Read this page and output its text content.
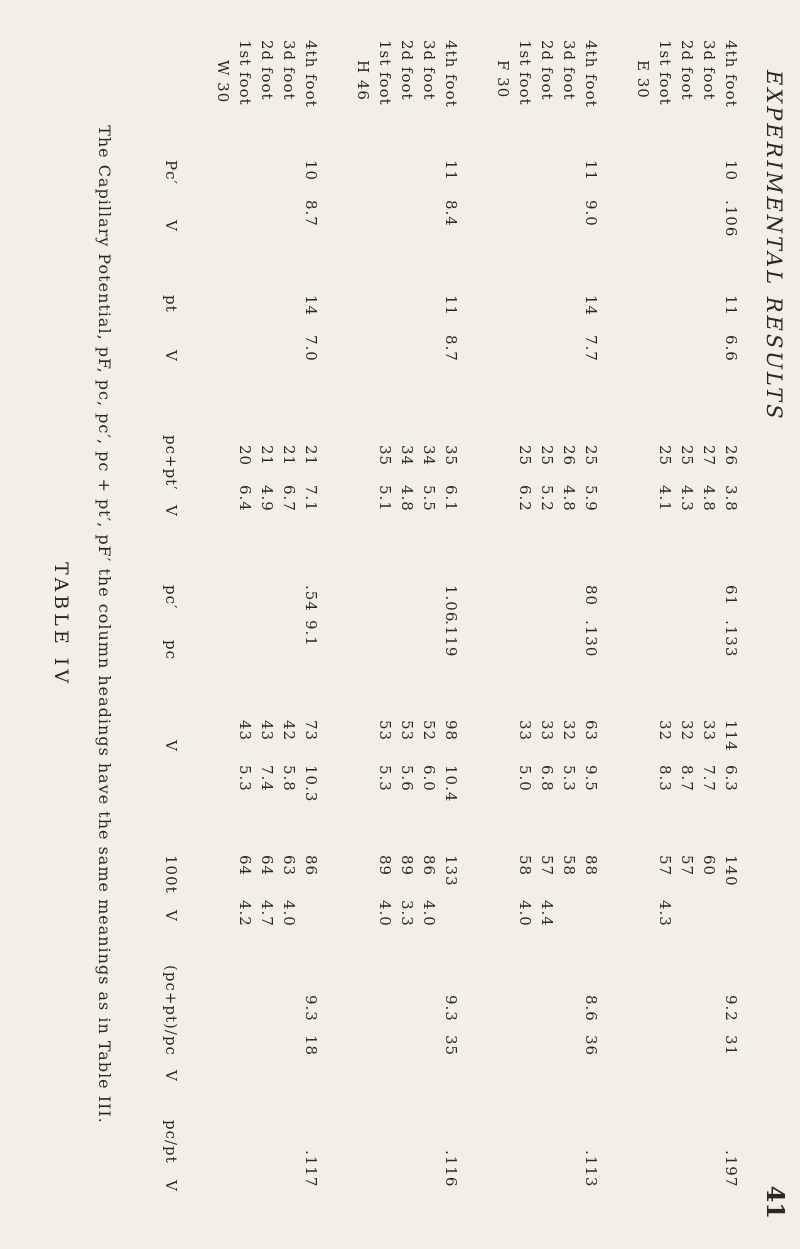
EXPERIMENTAL RESULTS
41
4th foot
10
.106
11
6.6
26
3.8
61
.133
114
6.3
140
9.2
31
.197
3d foot
27
4.8
33
7.7
60
2d foot
25
4.3
32
8.7
57
1st foot
25
4.1
32
8.3
57
4.3
E 30
4th foot
11
9.0
14
7.7
25
5.9
80
.130
63
9.5
88
8.6
36
.113
3d foot
26
4.8
32
5.3
58
2d foot
25
5.2
33
6.8
57
4.4
1st foot
25
6.2
33
5.0
58
4.0
F 30
4th foot
11
8.4
11
8.7
35
6.1
1.06
.119
98
10.4
133
9.3
35
.116
3d foot
34
5.5
52
6.0
86
4.0
2d foot
34
4.8
53
5.6
89
3.3
1st foot
35
5.1
53
5.3
89
4.0
H 46
4th foot
10
8.7
14
7.0
21
7.1
.54
9.1
73
10.3
86
9.3
18
.117
3d foot
21
6.7
42
5.8
63
4.0
2d foot
21
4.9
43
7.4
64
4.7
1st foot
20
6.4
43
5.3
64
4.2
W 30
Pc′
V
pt
V
pc+pt′
V
pc′
pc
V
100t
V
(pc+pt)/pc
V
pc/pt
V
The Capillary Potential, pF, pc, pc′, pc + pt′, pF′ the column headings have the same meanings as in Table III.
TABLE IV
